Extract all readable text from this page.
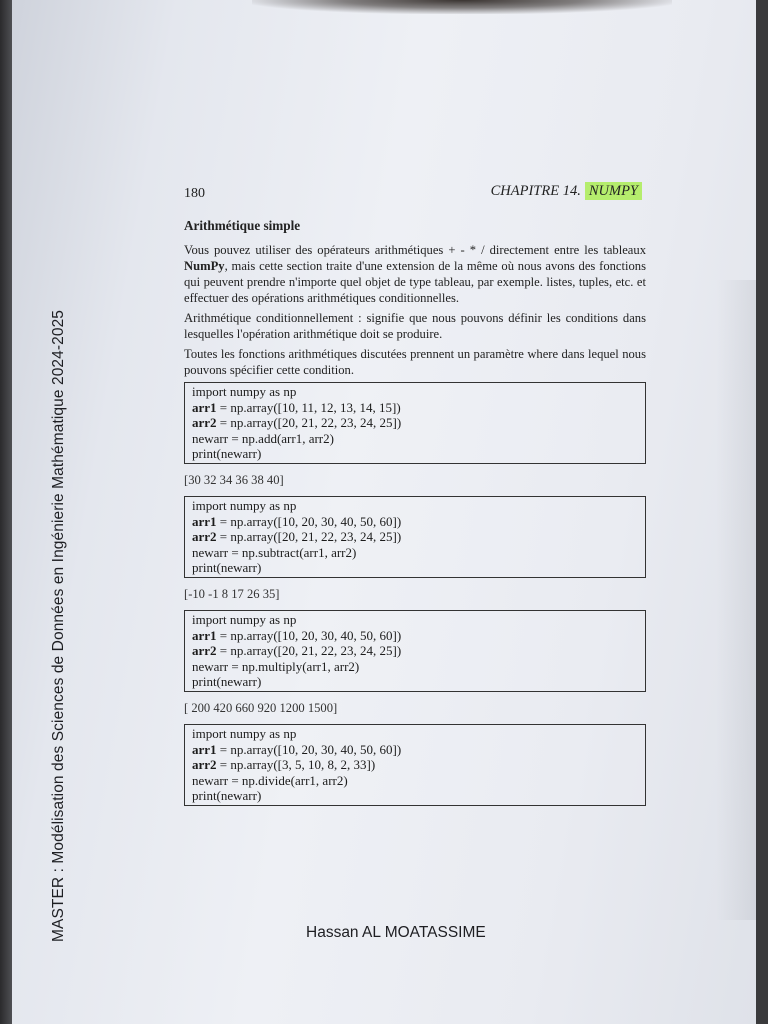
MASTER : Modélisation des Sciences de Données en Ingénierie Mathématique 2024-2025
180	CHAPITRE 14. NUMPY
Arithmétique simple

Vous pouvez utiliser des opérateurs arithmétiques + - * / directement entre les tableaux NumPy, mais cette section traite d'une extension de la même où nous avons des fonctions qui peuvent prendre n'importe quel objet de type tableau, par exemple. listes, tuples, etc. et effectuer des opérations arithmétiques conditionnelles.

Arithmétique conditionnellement : signifie que nous pouvons définir les conditions dans lesquelles l'opération arithmétique doit se produire.

Toutes les fonctions arithmétiques discutées prennent un paramètre where dans lequel nous pouvons spécifier cette condition.

import numpy as np
arr1 = np.array([10, 11, 12, 13, 14, 15])
arr2 = np.array([20, 21, 22, 23, 24, 25])
newarr = np.add(arr1, arr2)
print(newarr)
[30 32 34 36 38 40]
import numpy as np
arr1 = np.array([10, 20, 30, 40, 50, 60])
arr2 = np.array([20, 21, 22, 23, 24, 25])
newarr = np.subtract(arr1, arr2)
print(newarr)
[-10 -1 8 17 26 35]
import numpy as np
arr1 = np.array([10, 20, 30, 40, 50, 60])
arr2 = np.array([20, 21, 22, 23, 24, 25])
newarr = np.multiply(arr1, arr2)
print(newarr)
[ 200 420 660 920 1200 1500]
import numpy as np
arr1 = np.array([10, 20, 30, 40, 50, 60])
arr2 = np.array([3, 5, 10, 8, 2, 33])
newarr = np.divide(arr1, arr2)
print(newarr)
Hassan AL MOATASSIME
